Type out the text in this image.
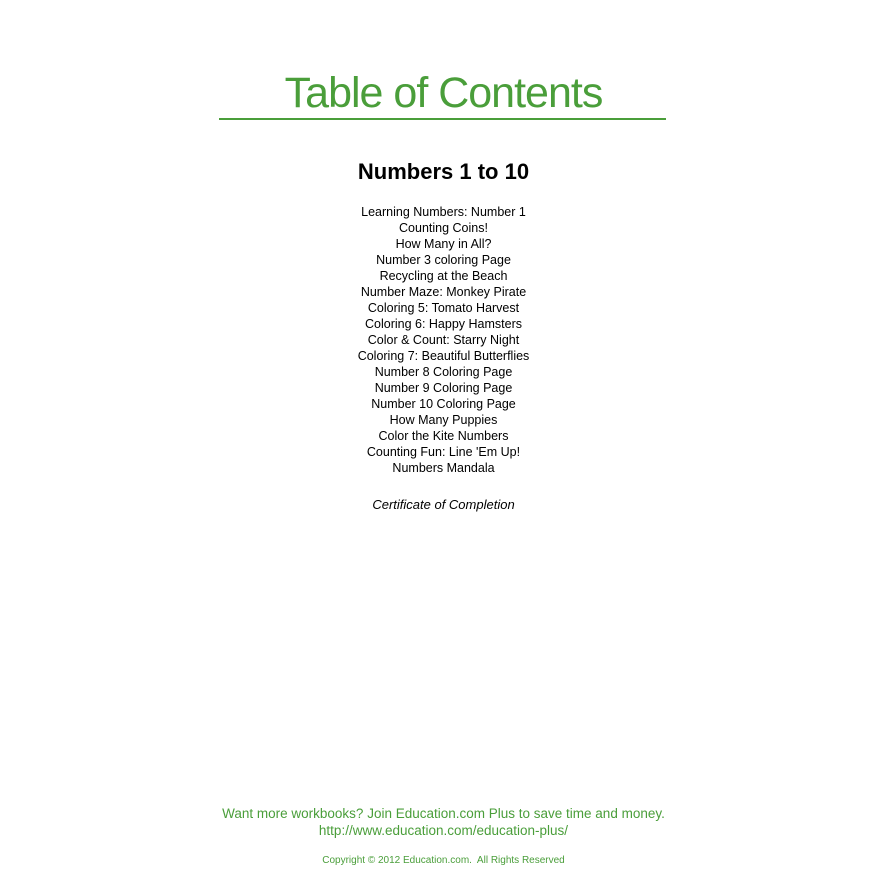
Table of Contents
Numbers 1 to 10
Learning Numbers: Number 1
Counting Coins!
How Many in All?
Number 3 coloring Page
Recycling at the Beach
Number Maze: Monkey Pirate
Coloring 5: Tomato Harvest
Coloring 6: Happy Hamsters
Color & Count: Starry Night
Coloring 7: Beautiful Butterflies
Number 8 Coloring Page
Number 9 Coloring Page
Number 10 Coloring Page
How Many Puppies
Color the Kite Numbers
Counting Fun: Line 'Em Up!
Numbers Mandala
Certificate of Completion
Want more workbooks? Join Education.com Plus to save time and money.
http://www.education.com/education-plus/
Copyright © 2012 Education.com.  All Rights Reserved
